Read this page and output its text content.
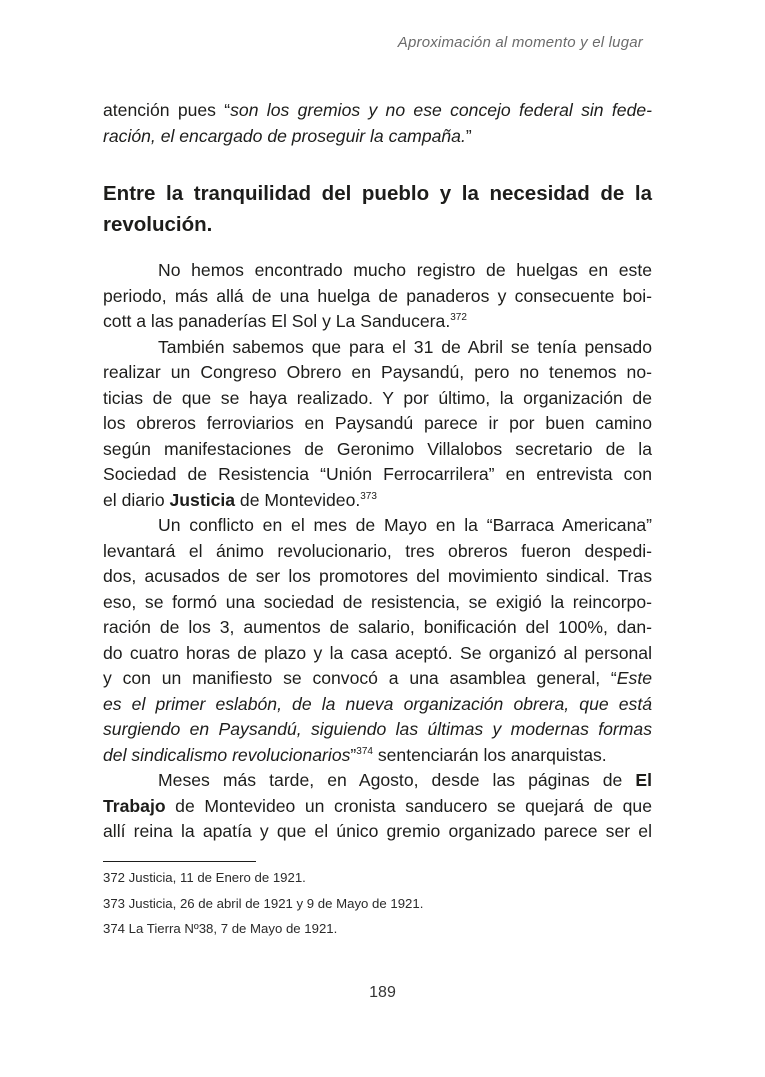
Aproximación al momento y el lugar
atención pues “son los gremios y no ese concejo federal sin fede-
ración, el encargado de proseguir la campaña.”
Entre la tranquilidad del pueblo y la necesidad de la
revolución.
No hemos encontrado mucho registro de huelgas en este
periodo, más allá de una huelga de panaderos y consecuente boi-
cott a las panaderías El Sol y La Sanducera.$^{372}$
También sabemos que para el 31 de Abril se tenía pensado
realizar un Congreso Obrero en Paysandú, pero no tenemos no-
ticias de que se haya realizado. Y por último, la organización de
los obreros ferroviarios en Paysandú parece ir por buen camino
según manifestaciones de Geronimo Villalobos secretario de la
Sociedad de Resistencia “Unión Ferrocarrilera” en entrevista con
el diario Justicia de Montevideo.$^{373}$
Un conflicto en el mes de Mayo en la “Barraca Americana”
levantará el ánimo revolucionario, tres obreros fueron despedi-
dos, acusados de ser los promotores del movimiento sindical. Tras
eso, se formó una sociedad de resistencia, se exigió la reincorpo-
ración de los 3, aumentos de salario, bonificación del 100%, dan-
do cuatro horas de plazo y la casa aceptó. Se organizó al personal
y con un manifiesto se convocó a una asamblea general, “Este
es el primer eslabón, de la nueva organización obrera, que está
surgiendo en Paysandú, siguiendo las últimas y modernas formas
del sindicalismo revolucionarios”$^{374}$ sentenciarán los anarquistas.
Meses más tarde, en Agosto, desde las páginas de El
Trabajo de Montevideo un cronista sanducero se quejará de que
allí reina la apatía y que el único gremio organizado parece ser el
372 Justicia, 11 de Enero de 1921.
373 Justicia, 26 de abril de 1921 y 9 de Mayo de 1921.
374 La Tierra Nº38, 7 de Mayo de 1921.
189
